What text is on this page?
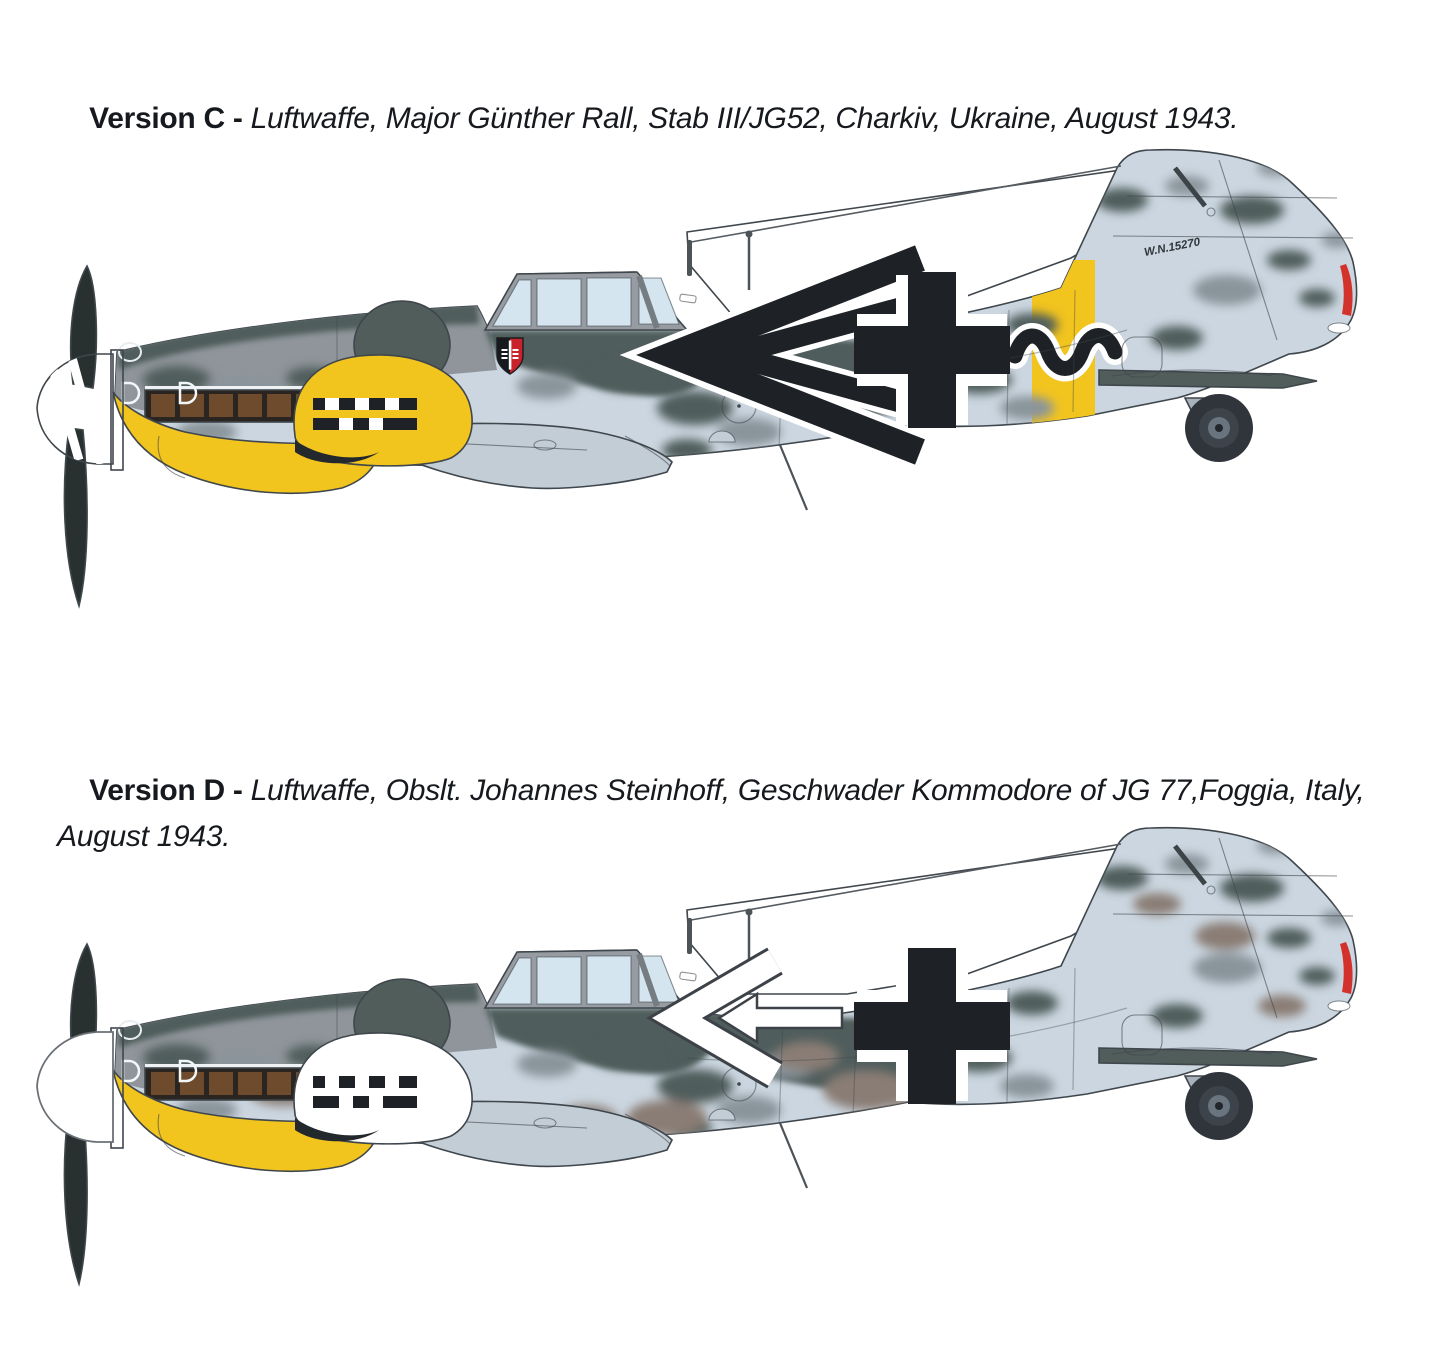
Version C - Luftwaffe, Major Günther Rall, Stab III/JG52, Charkiv, Ukraine, August 1943.

W.N.15270

Version D - Luftwaffe, Obslt. Johannes Steinhoff, Geschwader Kommodore of JG 77,Foggia, Italy, August 1943.
